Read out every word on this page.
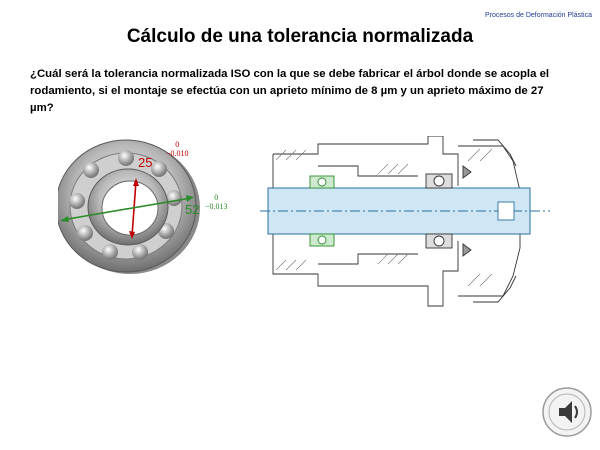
Procesos de Deformación Plástica
Cálculo de una tolerancia normalizada
¿Cuál será la tolerancia normalizada ISO con la que se debe fabricar el árbol donde se acopla el rodamiento, si el montaje se efectúa con un aprieto mínimo de 8 µm y un aprieto máximo de 27 µm?
25
0
−0.010
52
0
−0.013
